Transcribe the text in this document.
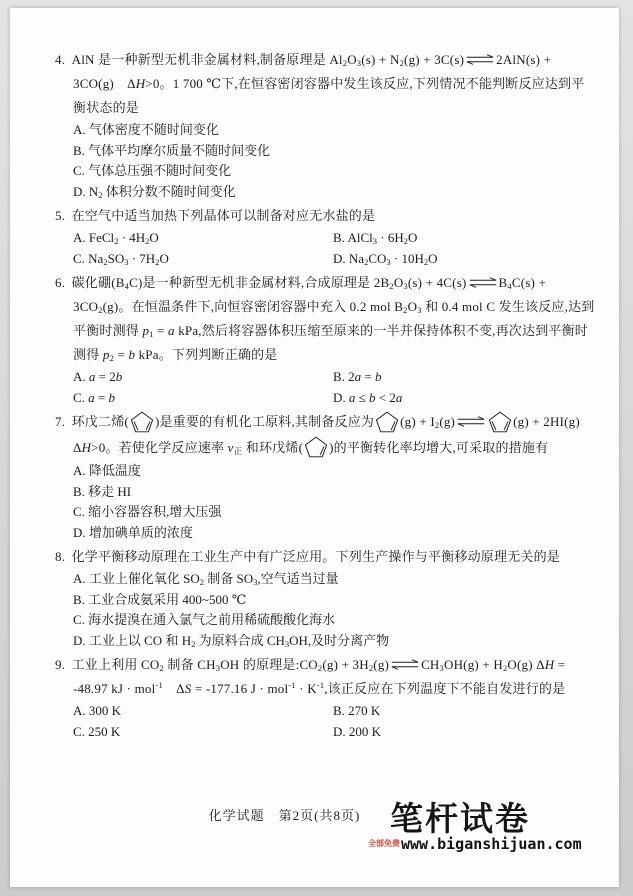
4. AlN 是一种新型无机非金属材料,制备原理是 $Al_2O_3(s) + N_2(g)$ + 3C(s)⇌2AlN(s) + 3CO(g)　ΔH>0。1 700 ℃下,在恒容密闭容器中发生该反应,下列情况不能判断反应达到平衡状态的是
A. 气体密度不随时间变化
B. 气体平均摩尔质量不随时间变化
C. 气体总压强不随时间变化
D. $N_2$ 体积分数不随时间变化
5. 在空气中适当加热下列晶体可以制备对应无水盐的是
A. FeCl$_2$ · $4H_2O$	B. AlCl$_3$ · $6H_2O$
C. $Na_2SO_3 \cdot 7H_2O$	D. $Na_2CO_3 \cdot 10H_2O$
6. 碳化硼$(B_4C)$是一种新型无机非金属材料,合成原理是 $2B_2O_3(s)$ + $4C(s)\rightleftharpoons B_4C(s) + 3CO_2(g)$。在恒温条件下,向恒容密闭容器中充入 0.2 mol $B_2O_3$ 和 0.4 mol C 发生该反应,达到平衡时测得 $p_1 = a$ kPa,然后将容器体积压缩至原来的一半并保持体积不变,再次达到平衡时测得 $p_2 = b$ kPa。下列判断正确的是
A. a = 2b	B. 2a = b
C. a = b	D. a ≤ b < 2a
7. 环戊二烯( )是重要的有机化工原料,其制备反应为 $(g) + I_2(g)\rightleftharpoons$ (g) + 2HI(g)　ΔH>0。若使化学反应速率 $v_正$ 和环戊烯( )的平衡转化率均增大,可采取的措施有
A. 降低温度
B. 移走 HI
C. 缩小容器容积,增大压强
D. 增加碘单质的浓度
8. 化学平衡移动原理在工业生产中有广泛应用。下列生产操作与平衡移动原理无关的是
A. 工业上催化氧化 $SO_2$ 制备 $SO_3$,空气适当过量
B. 工业合成氨采用 400~500 ℃
C. 海水提溴在通入氯气之前用稀硫酸酸化海水
D. 工业上以 CO 和 $H_2$ 为原料合成 $CH_3OH$,及时分离产物
9. 工业上利用 $CO_2$ 制备 $CH_3OH$ 的原理是$:CO_2(g)$ + $3H_2(g)\rightleftharpoons CH_3OH(g) + H_2O(g) \Delta H = -48.97$ kJ · mol$^{-1}$　ΔS = -177.16 $J \cdot mol^{-1} \cdot K^{-1}$,该正反应在下列温度下不能自发进行的是
A. 300 K	B. 270 K
C. 250 K	D. 200 K
化学试题 第2页(共8页) 笔杆试卷
全部免费www.biganshijuan.com
